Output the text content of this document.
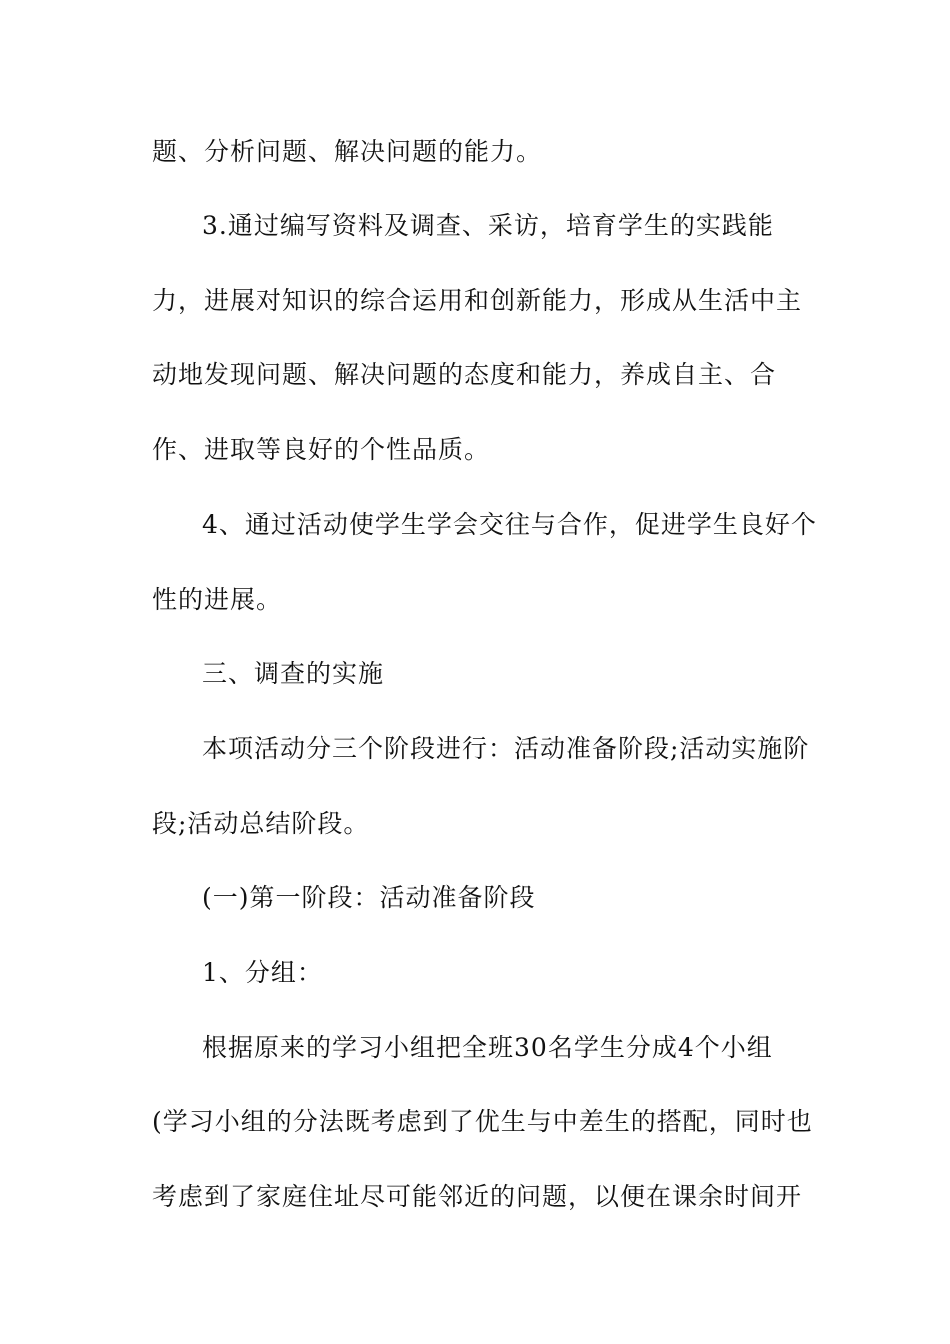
题、分析问题、解决问题的能力。
3.通过编写资料及调查、采访，培育学生的实践能
力，进展对知识的综合运用和创新能力，形成从生活中主
动地发现问题、解决问题的态度和能力，养成自主、合
作、进取等良好的个性品质。
4、通过活动使学生学会交往与合作，促进学生良好个
性的进展。
三、调查的实施
本项活动分三个阶段进行：活动准备阶段;活动实施阶
段;活动总结阶段。
(一)第一阶段：活动准备阶段
1、分组：
根据原来的学习小组把全班30名学生分成4个小组
(学习小组的分法既考虑到了优生与中差生的搭配，同时也
考虑到了家庭住址尽可能邻近的问题，以便在课余时间开
